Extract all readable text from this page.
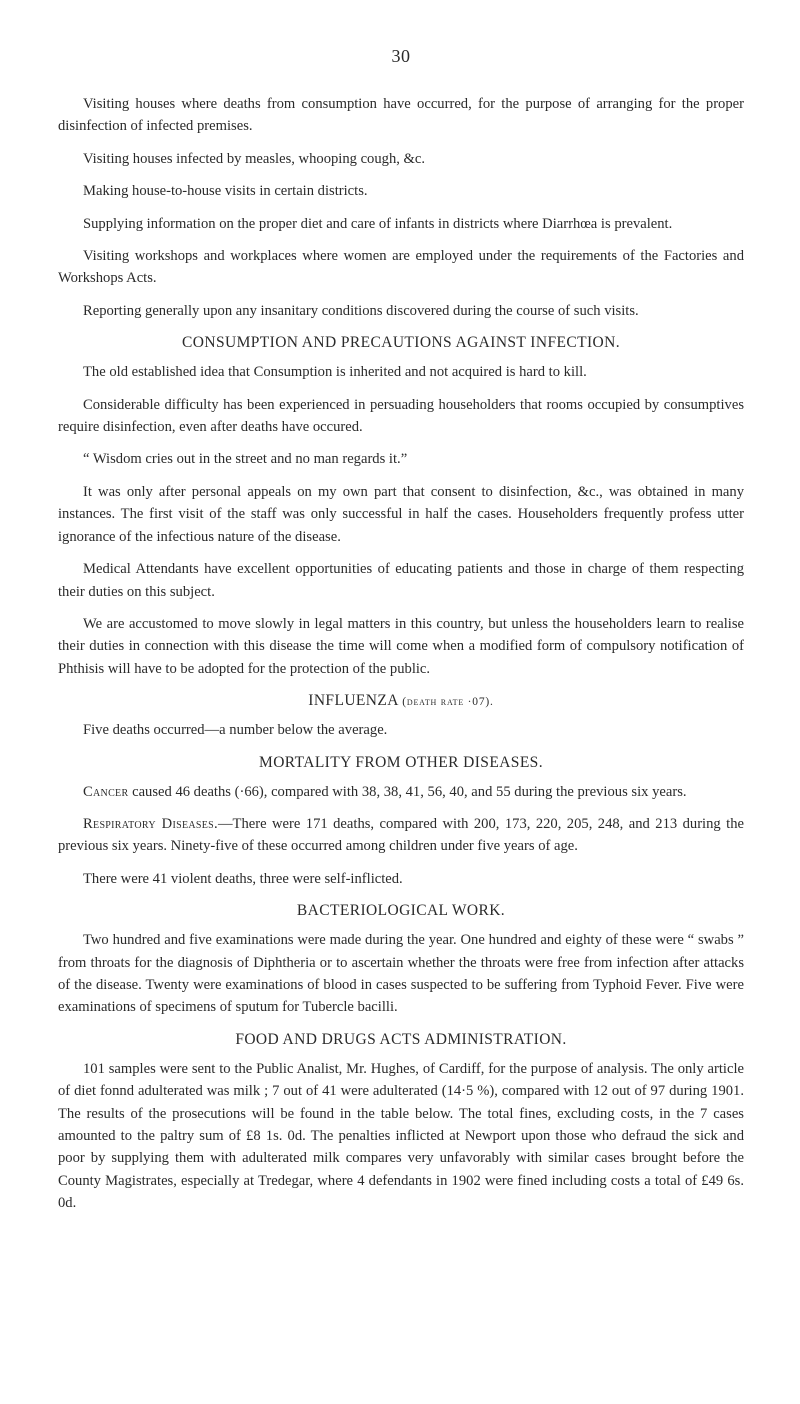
30

Visiting houses where deaths from consumption have occurred, for the purpose of arranging for the proper disinfection of infected premises.

Visiting houses infected by measles, whooping cough, &c.

Making house-to-house visits in certain districts.

Supplying information on the proper diet and care of infants in districts where Diarrhœa is prevalent.

Visiting workshops and workplaces where women are employed under the requirements of the Factories and Workshops Acts.

Reporting generally upon any insanitary conditions discovered during the course of such visits.

CONSUMPTION AND PRECAUTIONS AGAINST INFECTION.

The old established idea that Consumption is inherited and not acquired is hard to kill.

Considerable difficulty has been experienced in persuading householders that rooms occupied by consumptives require disinfection, even after deaths have occured.

“ Wisdom cries out in the street and no man regards it.”

It was only after personal appeals on my own part that consent to disinfection, &c., was obtained in many instances. The first visit of the staff was only successful in half the cases. Householders frequently profess utter ignorance of the infectious nature of the disease.

Medical Attendants have excellent opportunities of educating patients and those in charge of them respecting their duties on this subject.

We are accustomed to move slowly in legal matters in this country, but unless the householders learn to realise their duties in connection with this disease the time will come when a modified form of compulsory notification of Phthisis will have to be adopted for the protection of the public.

INFLUENZA (death rate ·07).

Five deaths occurred—a number below the average.

MORTALITY FROM OTHER DISEASES.

Cancer caused 46 deaths (·66), compared with 38, 38, 41, 56, 40, and 55 during the previous six years.

Respiratory Diseases.—There were 171 deaths, compared with 200, 173, 220, 205, 248, and 213 during the previous six years. Ninety-five of these occurred among children under five years of age.

There were 41 violent deaths, three were self-inflicted.

BACTERIOLOGICAL WORK.

Two hundred and five examinations were made during the year. One hundred and eighty of these were “ swabs ” from throats for the diagnosis of Diphtheria or to ascertain whether the throats were free from infection after attacks of the disease. Twenty were examinations of blood in cases suspected to be suffering from Typhoid Fever. Five were examinations of specimens of sputum for Tubercle bacilli.

FOOD AND DRUGS ACTS ADMINISTRATION.

101 samples were sent to the Public Analist, Mr. Hughes, of Cardiff, for the purpose of analysis. The only article of diet fonnd adulterated was milk ; 7 out of 41 were adulterated (14·5 %), compared with 12 out of 97 during 1901. The results of the prosecutions will be found in the table below. The total fines, excluding costs, in the 7 cases amounted to the paltry sum of £8 1s. 0d. The penalties inflicted at Newport upon those who defraud the sick and poor by supplying them with adulterated milk compares very unfavorably with similar cases brought before the County Magistrates, especially at Tredegar, where 4 defendants in 1902 were fined including costs a total of £49 6s. 0d.
